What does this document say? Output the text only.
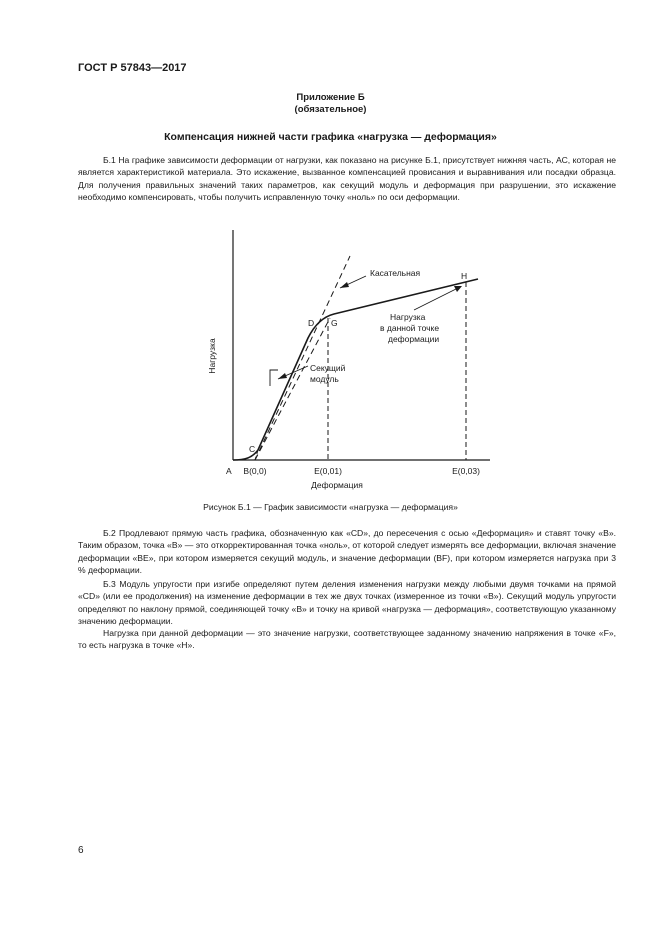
ГОСТ Р 57843—2017
Приложение Б
(обязательное)
Компенсация нижней части графика «нагрузка — деформация»

Б.1 На графике зависимости деформации от нагрузки, как показано на рисунке Б.1, присутствует нижняя часть, АС, которая не является характеристикой материала. Это искажение, вызванное компенсацией провисания и выравнивания или посадки образца. Для получения правильных значений таких параметров, как секущий модуль и деформация при разрушении, это искажение необходимо компенсировать, чтобы получить исправленную точку «ноль» по оси деформации.

Нагрузка
Деформация
Касательная
Секущий
модуль
Нагрузка
в данной точке
деформации
A B(0,0)
C
D G
H
E(0,01)	E(0,03)
Рисунок Б.1 — График зависимости «нагрузка — деформация»

Б.2 Продлевают прямую часть графика, обозначенную как «CD», до пересечения с осью «Деформация» и ставят точку «В». Таким образом, точка «В» — это откорректированная точка «ноль», от которой следует измерять все деформации, включая значение деформации «BE», при котором измеряется секущий модуль, и значение деформации (BF), при котором измеряется нагрузка при 3 % деформации.

Б.3 Модуль упругости при изгибе определяют путем деления изменения нагрузки между любыми двумя точками на прямой «CD» (или ее продолжения) на изменение деформации в тех же двух точках (измеренное из точки «В»). Секущий модуль упругости определяют по наклону прямой, соединяющей точку «В» и точку на кривой «нагрузка — деформация», соответствующую указанному значению деформации.

Нагрузка при данной деформации — это значение нагрузки, соответствующее заданному значению напряжения в точке «F», то есть нагрузка в точке «Н».

6
